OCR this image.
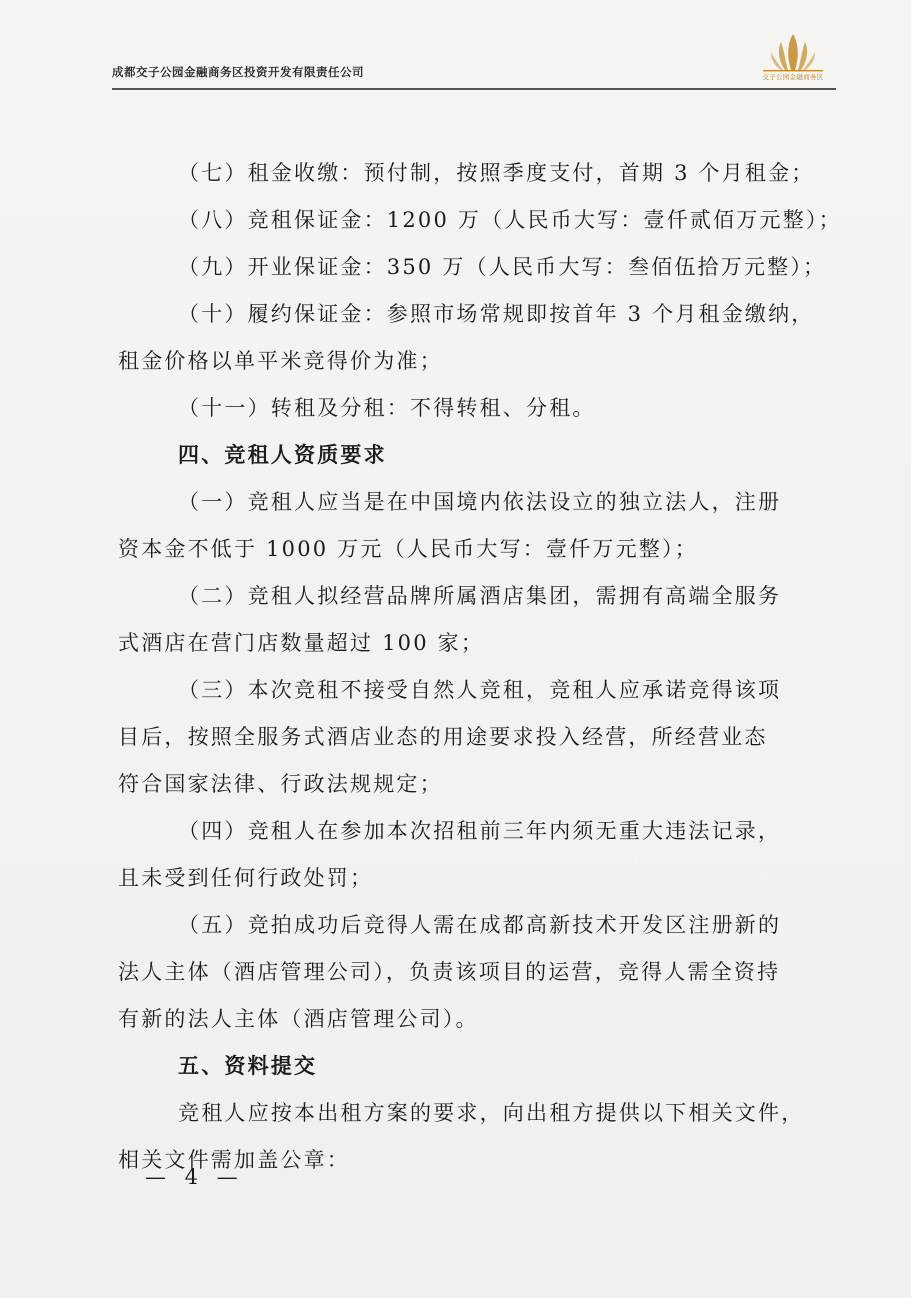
成都交子公园金融商务区投资开发有限责任公司	交子公园金融商务区
（七）租金收缴：预付制，按照季度支付，首期 3 个月租金；
（八）竞租保证金：1200 万（人民币大写：壹仟贰佰万元整）；
（九）开业保证金：350 万（人民币大写：叁佰伍拾万元整）；
（十）履约保证金：参照市场常规即按首年 3 个月租金缴纳，
租金价格以单平米竞得价为准；
（十一）转租及分租：不得转租、分租。
四、竞租人资质要求
（一）竞租人应当是在中国境内依法设立的独立法人，注册
资本金不低于 1000 万元（人民币大写：壹仟万元整）；
（二）竞租人拟经营品牌所属酒店集团，需拥有高端全服务
式酒店在营门店数量超过 100 家；
（三）本次竞租不接受自然人竞租，竞租人应承诺竞得该项
目后，按照全服务式酒店业态的用途要求投入经营，所经营业态
符合国家法律、行政法规规定；
（四）竞租人在参加本次招租前三年内须无重大违法记录，
且未受到任何行政处罚；
（五）竞拍成功后竞得人需在成都高新技术开发区注册新的
法人主体（酒店管理公司），负责该项目的运营，竞得人需全资持
有新的法人主体（酒店管理公司）。
五、资料提交
竞租人应按本出租方案的要求，向出租方提供以下相关文件，
相关文件需加盖公章：
— 4 —
